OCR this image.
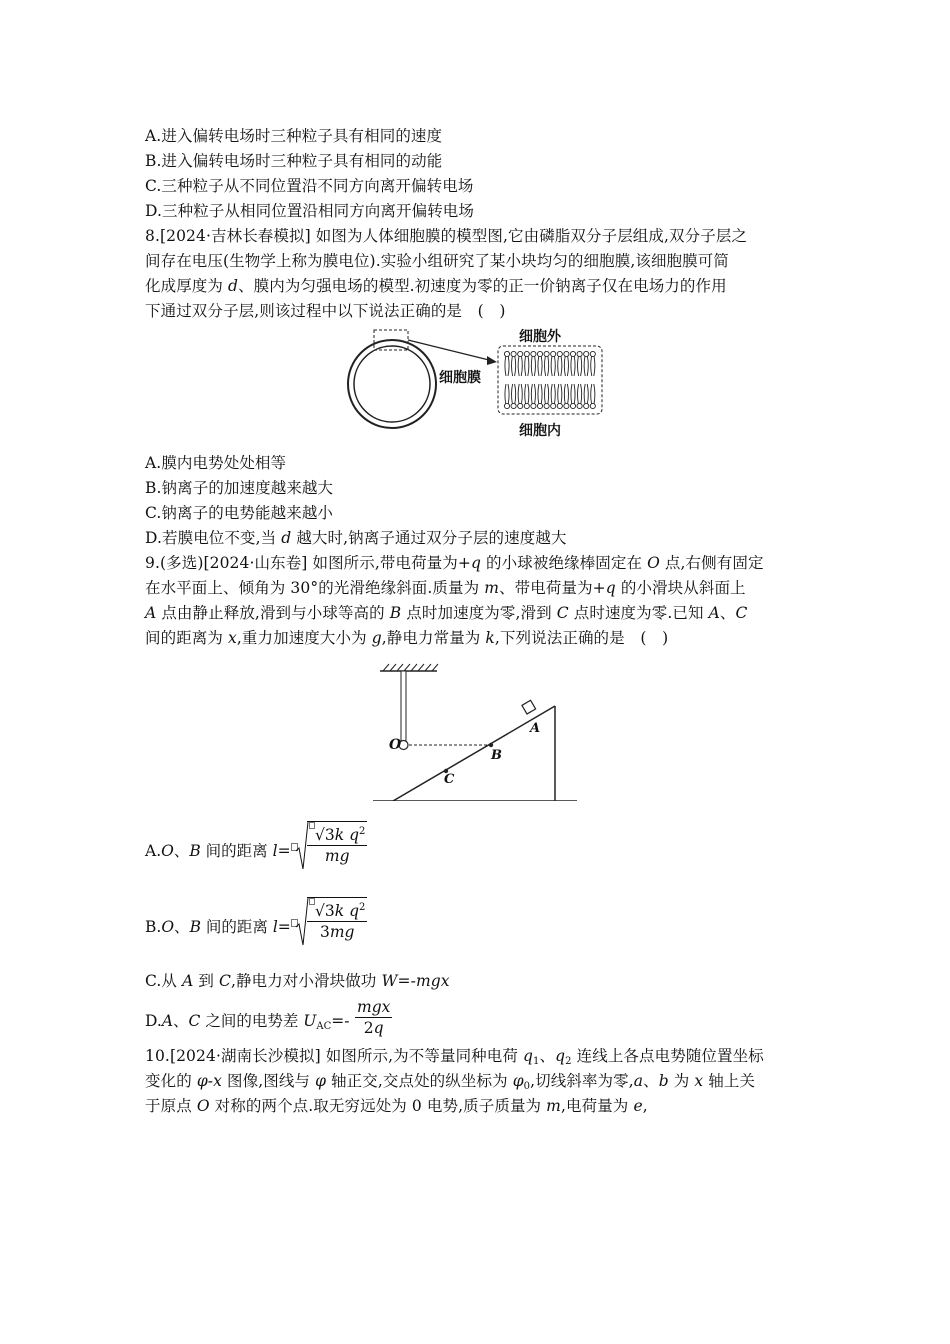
A.进入偏转电场时三种粒子具有相同的速度
B.进入偏转电场时三种粒子具有相同的动能
C.三种粒子从不同位置沿不同方向离开偏转电场
D.三种粒子从相同位置沿相同方向离开偏转电场
8.[2024·吉林长春模拟] 如图为人体细胞膜的模型图,它由磷脂双分子层组成,双分子层之
间存在电压(生物学上称为膜电位).实验小组研究了某小块均匀的细胞膜,该细胞膜可简
化成厚度为 d、膜内为匀强电场的模型.初速度为零的正一价钠离子仅在电场力的作用
下通过双分子层,则该过程中以下说法正确的是　(　)
细胞外
细胞膜
细胞内
A.膜内电势处处相等
B.钠离子的加速度越来越大
C.钠离子的电势能越来越小
D.若膜电位不变,当 d 越大时,钠离子通过双分子层的速度越大
9.(多选)[2024·山东卷] 如图所示,带电荷量为+q 的小球被绝缘棒固定在 O 点,右侧有固定
在水平面上、倾角为 30°的光滑绝缘斜面.质量为 m、带电荷量为+q 的小滑块从斜面上
A 点由静止释放,滑到与小球等高的 B 点时加速度为零,滑到 C 点时速度为零.已知 A、C
间的距离为 x,重力加速度大小为 g,静电力常量为 k,下列说法正确的是　(　)
O
A
B
C
A.O、B 间的距离 l=	$\frac{√3k q^2}{mg}$
B.O、B 间的距离 l=	$\frac{√3k q^2}{3mg}$
C.从 A 到 C,静电力对小滑块做功 W=-mgx
D.A、C 之间的电势差 $U_{AC}=-$
mgx
2q
10.[2024·湖南长沙模拟] 如图所示,为不等量同种电荷 $q_1$、$q_2$ 连线上各点电势随位置坐标
变化的 φ-x 图像,图线与 φ 轴正交,交点处的纵坐标为 $\varphi_0$,切线斜率为零,a、b 为 x 轴上关
于原点 O 对称的两个点.取无穷远处为 0 电势,质子质量为 m,电荷量为 e,
